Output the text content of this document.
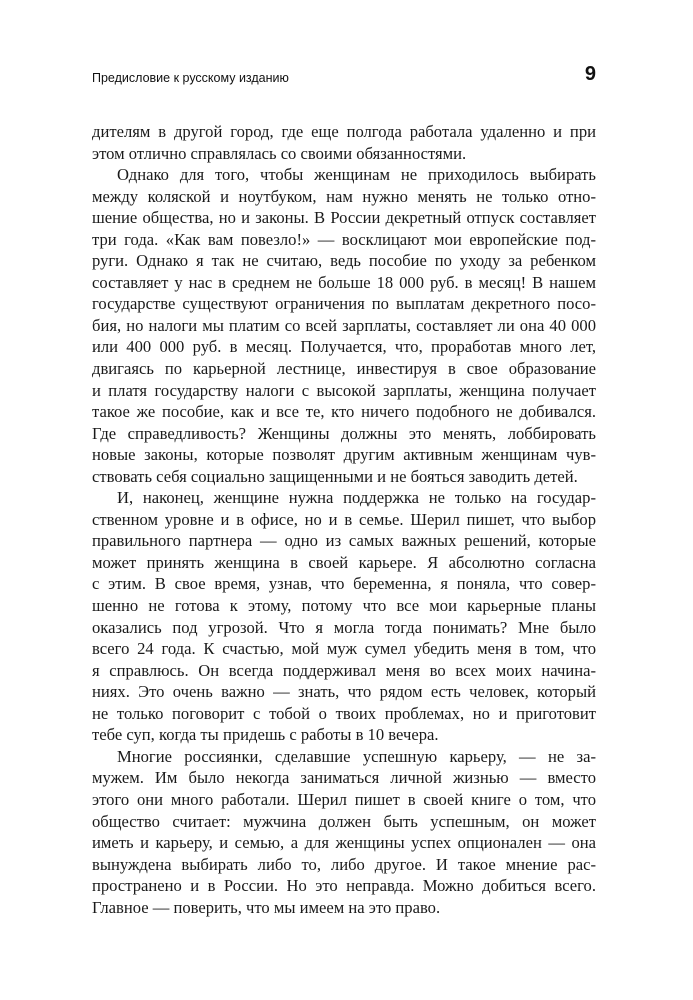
Предисловие к русскому изданию	9

дителям в другой город, где еще полгода работала удаленно и при
этом отлично справлялась со своими обязанностями.

Однако для того, чтобы женщинам не приходилось выбирать
между коляской и ноутбуком, нам нужно менять не только отно-
шение общества, но и законы. В России декретный отпуск составляет
три года. «Как вам повезло!» — восклицают мои европейские под-
руги. Однако я так не считаю, ведь пособие по уходу за ребенком
составляет у нас в среднем не больше 18 000 руб. в месяц! В нашем
государстве существуют ограничения по выплатам декретного посо-
бия, но налоги мы платим со всей зарплаты, составляет ли она 40 000
или 400 000 руб. в месяц. Получается, что, проработав много лет,
двигаясь по карьерной лестнице, инвестируя в свое образование
и платя государству налоги с высокой зарплаты, женщина получает
такое же пособие, как и все те, кто ничего подобного не добивался.
Где справедливость? Женщины должны это менять, лоббировать
новые законы, которые позволят другим активным женщинам чув-
ствовать себя социально защищенными и не бояться заводить детей.

И, наконец, женщине нужна поддержка не только на государ-
ственном уровне и в офисе, но и в семье. Шерил пишет, что выбор
правильного партнера — одно из самых важных решений, которые
может принять женщина в своей карьере. Я абсолютно согласна
с этим. В свое время, узнав, что беременна, я поняла, что совер-
шенно не готова к этому, потому что все мои карьерные планы
оказались под угрозой. Что я могла тогда понимать? Мне было
всего 24 года. К счастью, мой муж сумел убедить меня в том, что
я справлюсь. Он всегда поддерживал меня во всех моих начина-
ниях. Это очень важно — знать, что рядом есть человек, который
не только поговорит с тобой о твоих проблемах, но и приготовит
тебе суп, когда ты придешь с работы в 10 вечера.

Многие россиянки, сделавшие успешную карьеру, — не за-
мужем. Им было некогда заниматься личной жизнью — вместо
этого они много работали. Шерил пишет в своей книге о том, что
общество считает: мужчина должен быть успешным, он может
иметь и карьеру, и семью, а для женщины успех опционален — она
вынуждена выбирать либо то, либо другое. И такое мнение рас-
пространено и в России. Но это неправда. Можно добиться всего.
Главное — поверить, что мы имеем на это право.
